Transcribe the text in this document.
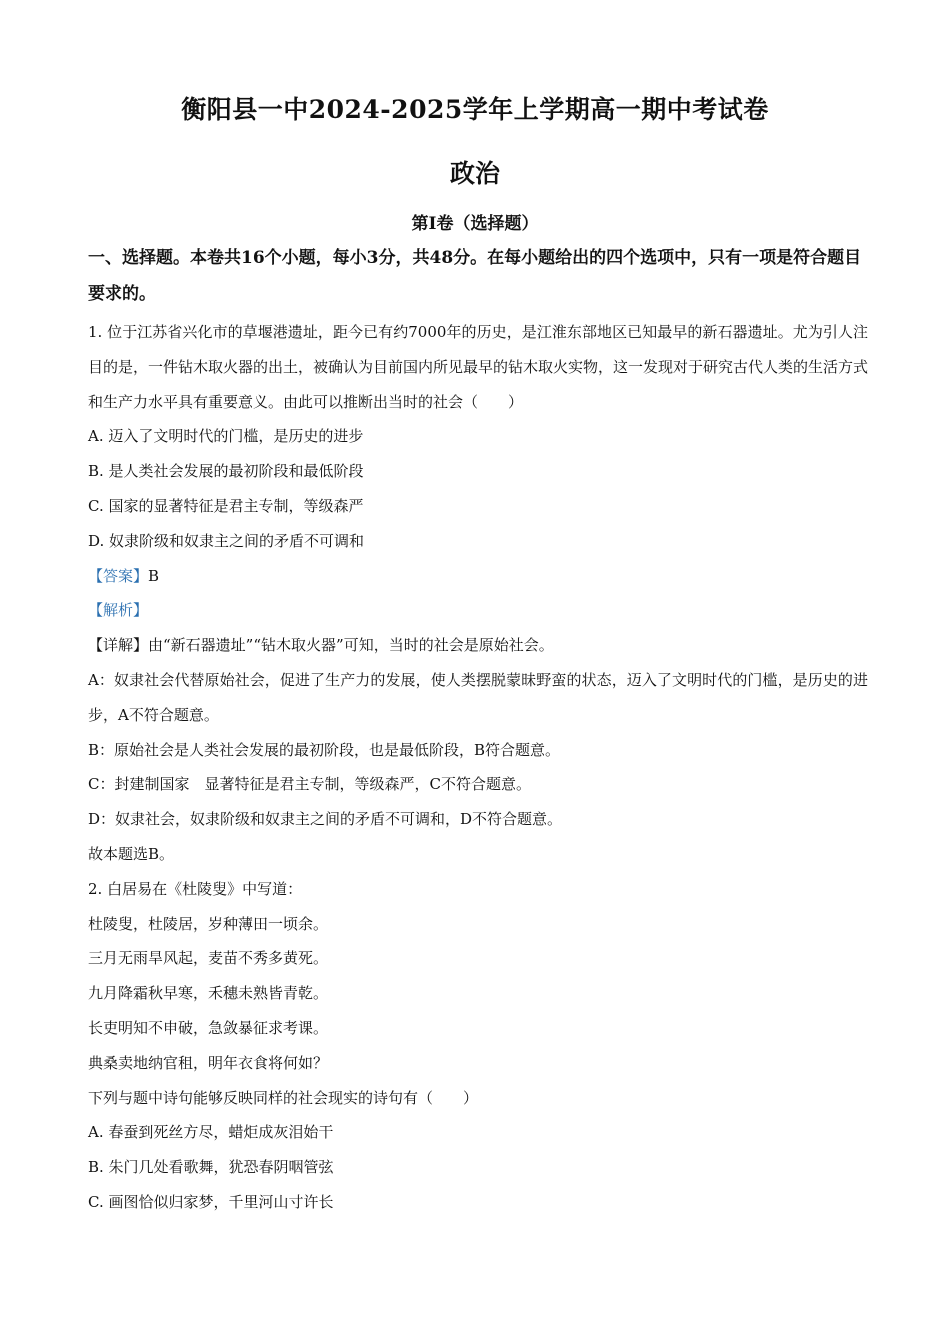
衡阳县一中2024-2025学年上学期高一期中考试卷
政治
第Ⅰ卷（选择题）
一、选择题。本卷共16个小题，每小3分，共48分。在每小题给出的四个选项中，只有一项是符合题目要求的。
1. 位于江苏省兴化市的草堰港遗址，距今已有约7000年的历史，是江淮东部地区已知最早的新石器遗址。尤为引人注目的是，一件钻木取火器的出土，被确认为目前国内所见最早的钻木取火实物，这一发现对于研究古代人类的生活方式和生产力水平具有重要意义。由此可以推断出当时的社会（　　）
A. 迈入了文明时代的门槛，是历史的进步
B. 是人类社会发展的最初阶段和最低阶段
C. 国家的显著特征是君主专制，等级森严
D. 奴隶阶级和奴隶主之间的矛盾不可调和
【答案】B
【解析】
【详解】由“新石器遗址”“钻木取火器”可知，当时的社会是原始社会。
A：奴隶社会代替原始社会，促进了生产力的发展，使人类摆脱蒙昧野蛮的状态，迈入了文明时代的门槛，是历史的进步，A不符合题意。
B：原始社会是人类社会发展的最初阶段，也是最低阶段，B符合题意。
C：封建制国家　显著特征是君主专制，等级森严，C不符合题意。
D：奴隶社会，奴隶阶级和奴隶主之间的矛盾不可调和，D不符合题意。
故本题选B。
2. 白居易在《杜陵叟》中写道：
杜陵叟，杜陵居，岁种薄田一顷余。
三月无雨旱风起，麦苗不秀多黄死。
九月降霜秋早寒，禾穗未熟皆青乾。
长吏明知不申破，急敛暴征求考课。
典桑卖地纳官租，明年衣食将何如？
下列与题中诗句能够反映同样的社会现实的诗句有（　　）
A. 春蚕到死丝方尽，蜡炬成灰泪始干
B. 朱门几处看歌舞，犹恐春阴咽管弦
C. 画图恰似归家梦，千里河山寸许长
